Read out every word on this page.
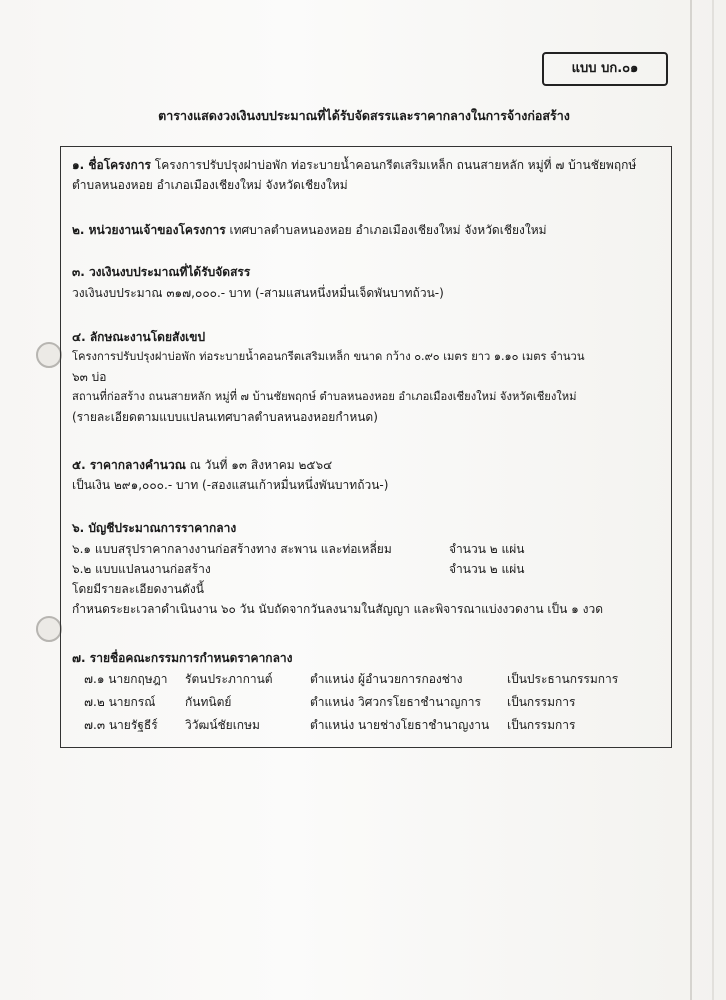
แบบ บก.๐๑
ตารางแสดงวงเงินงบประมาณที่ได้รับจัดสรรและราคากลางในการจ้างก่อสร้าง
๑. ชื่อโครงการ โครงการปรับปรุงฝาบ่อพัก ท่อระบายน้ำคอนกรีตเสริมเหล็ก ถนนสายหลัก หมู่ที่ ๗ บ้านชัยพฤกษ์
ตำบลหนองหอย อำเภอเมืองเชียงใหม่ จังหวัดเชียงใหม่
๒. หน่วยงานเจ้าของโครงการ เทศบาลตำบลหนองหอย อำเภอเมืองเชียงใหม่ จังหวัดเชียงใหม่
๓. วงเงินงบประมาณที่ได้รับจัดสรร
วงเงินงบประมาณ ๓๑๗,๐๐๐.- บาท (-สามแสนหนึ่งหมื่นเจ็ดพันบาทถ้วน-)
๔. ลักษณะงานโดยสังเขป
โครงการปรับปรุงฝาบ่อพัก ท่อระบายน้ำคอนกรีตเสริมเหล็ก ขนาด กว้าง ๐.๙๐ เมตร ยาว ๑.๑๐ เมตร จำนวน
๖๓ บ่อ
สถานที่ก่อสร้าง ถนนสายหลัก หมู่ที่ ๗ บ้านชัยพฤกษ์ ตำบลหนองหอย อำเภอเมืองเชียงใหม่ จังหวัดเชียงใหม่
(รายละเอียดตามแบบแปลนเทศบาลตำบลหนองหอยกำหนด)
๕. ราคากลางคำนวณ ณ วันที่ ๑๓ สิงหาคม ๒๕๖๔
เป็นเงิน ๒๙๑,๐๐๐.- บาท (-สองแสนเก้าหมื่นหนึ่งพันบาทถ้วน-)
๖. บัญชีประมาณการราคากลาง
๖.๑ แบบสรุปราคากลางงานก่อสร้างทาง สะพาน และท่อเหลี่ยม	จำนวน ๒ แผ่น
๖.๒ แบบแปลนงานก่อสร้าง	จำนวน ๒ แผ่น
โดยมีรายละเอียดงานดังนี้
กำหนดระยะเวลาดำเนินงาน ๖๐ วัน นับถัดจากวันลงนามในสัญญา และพิจารณาแบ่งงวดงาน เป็น ๑ งวด
๗. รายชื่อคณะกรรมการกำหนดราคากลาง
๗.๑ นายกฤษฎา รัตนประภากานต์	ตำแหน่ง ผู้อำนวยการกองช่าง	เป็นประธานกรรมการ
๗.๒ นายกรณ์ กันทนิตย์	ตำแหน่ง วิศวกรโยธาชำนาญการ เป็นกรรมการ
๗.๓ นายรัฐธีร์ วิวัฒน์ชัยเกษม	ตำแหน่ง นายช่างโยธาชำนาญงาน เป็นกรรมการ
